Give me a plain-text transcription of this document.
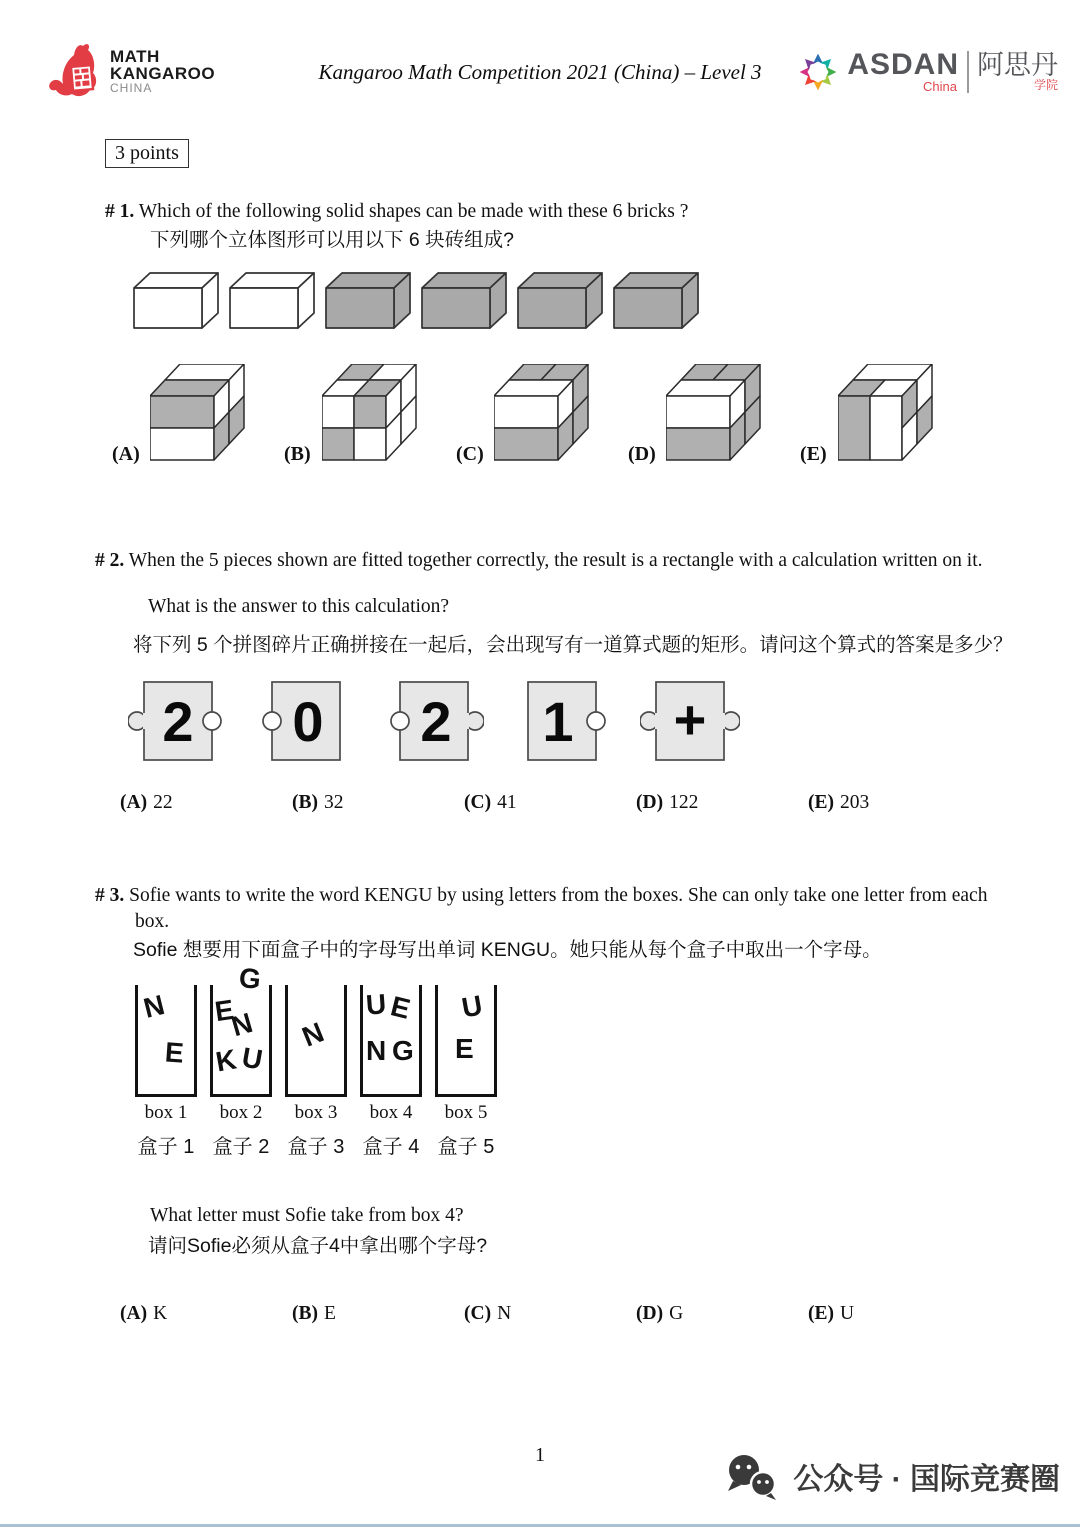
MATH
KANGAROO
CHINA
Kangaroo Math Competition 2021 (China) – Level 3	ASDAN
China
阿思丹
学院
3 points
# 1. Which of the following solid shapes can be made with these 6 bricks ?
下列哪个立体图形可以用以下 6 块砖组成?
(A)	(B)	(C)	(D)	(E)
# 2. When the 5 pieces shown are fitted together correctly, the result is a rectangle with a calculation written on it.
What is the answer to this calculation?
将下列 5 个拼图碎片正确拼接在一起后，会出现写有一道算式题的矩形。请问这个算式的答案是多少？
2 0 2 1 +
(A) 22	(B) 32	(C) 41	(D) 122	(E) 203
# 3. Sofie wants to write the word KENGU by using letters from the boxes. She can only take one letter from each box.
Sofie 想要用下面盒子中的字母写出单词 KENGU。她只能从每个盒子中取出一个字母。
N
E
E
G
N
K U
N
U E
N G
U
E
box 1	box 2	box 3	box 4	box 5
盒子 1 盒子 2 盒子 3 盒子 4 盒子 5
What letter must Sofie take from box 4?
请问Sofie必须从盒子4中拿出哪个字母?
(A) K	(B) E	(C) N	(D) G	(E) U
1
公众号 · 国际竞赛圈
